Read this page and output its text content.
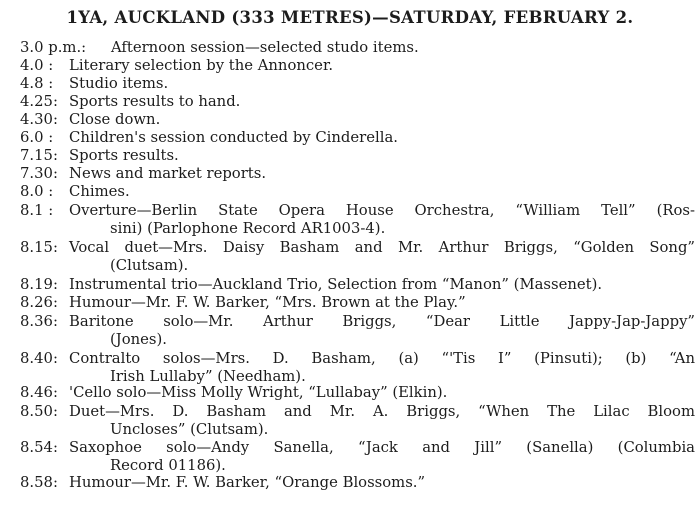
1YA, AUCKLAND (333 METRES)—SATURDAY, FEBRUARY 2.
3.0 p.m.: Afternoon session—selected studo items.
4.0 : Literary selection by the Annoncer.
4.8 : Studio items.
4.25: Sports results to hand.
4.30: Close down.
6.0 : Children's session conducted by Cinderella.
7.15: Sports results.
7.30: News and market reports.
8.0 : Chimes.
8.1 : Overture—Berlin State Opera House Orchestra, “William Tell” (Ros-
sini) (Parlophone Record AR1003-4).
8.15: Vocal duet—Mrs. Daisy Basham and Mr. Arthur Briggs, “Golden Song”
(Clutsam).
8.19: Instrumental trio—Auckland Trio, Selection from “Manon” (Massenet).
8.26: Humour—Mr. F. W. Barker, “Mrs. Brown at the Play.”
8.36: Baritone solo—Mr. Arthur Briggs, “Dear Little Jappy-Jap-Jappy”
(Jones).
8.40: Contralto solos—Mrs. D. Basham, (a) “'Tis I” (Pinsuti); (b) “An
Irish Lullaby” (Needham).
8.46: 'Cello solo—Miss Molly Wright, “Lullabay” (Elkin).
8.50: Duet—Mrs. D. Basham and Mr. A. Briggs, “When The Lilac Bloom
Uncloses” (Clutsam).
8.54: Saxophoe solo—Andy Sanella, “Jack and Jill” (Sanella) (Columbia
Record 01186).
8.58: Humour—Mr. F. W. Barker, “Orange Blossoms.”
